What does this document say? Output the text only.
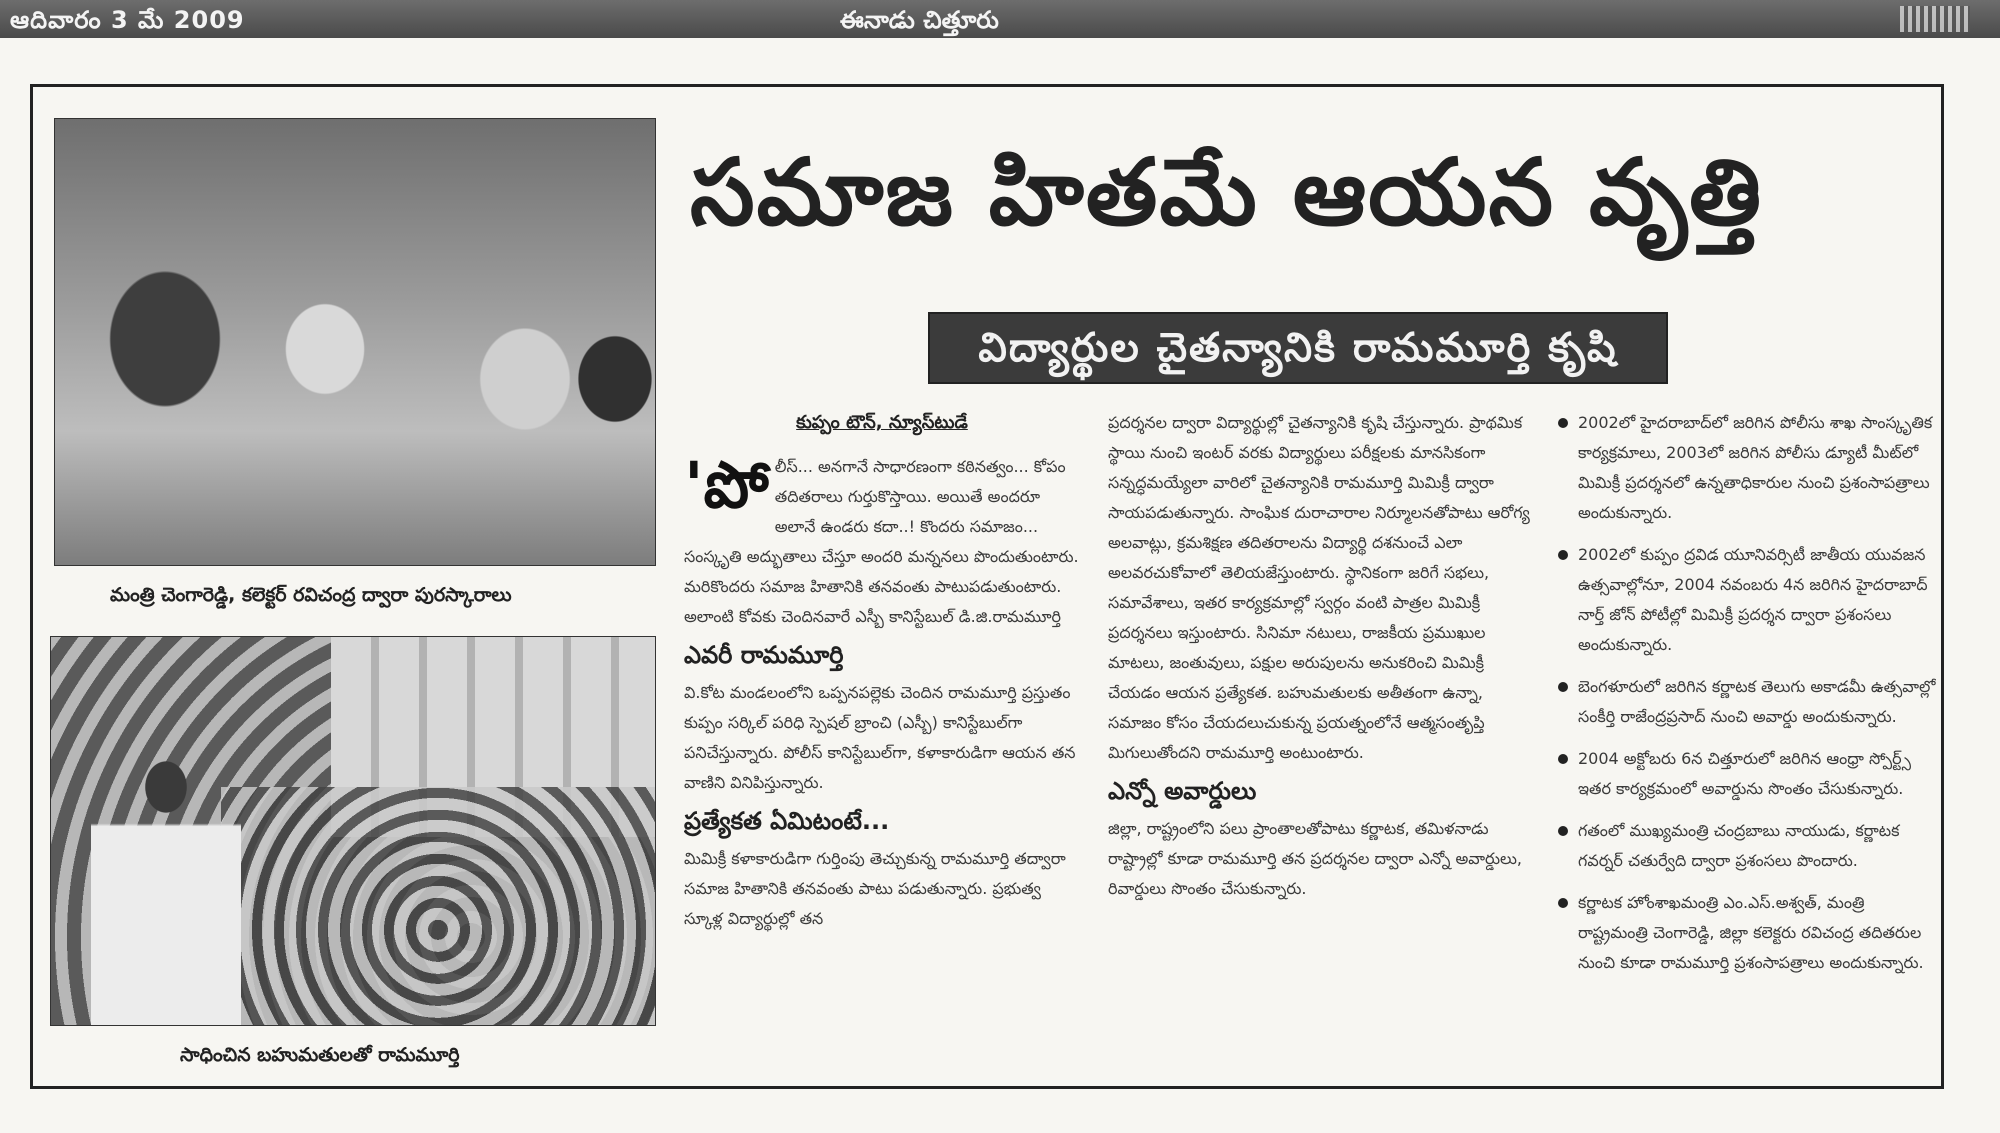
ఆదివారం 3 మే 2009	ఈనాడు చిత్తూరు
మంత్రి చెంగారెడ్డి, కలెక్టర్ రవిచంద్ర ద్వారా పురస్కారాలు
సాధించిన బహుమతులతో రామమూర్తి
సమాజ హితమే ఆయన వృత్తి
విద్యార్థుల చైతన్యానికి రామమూర్తి కృషి
కుప్పం టౌన్, న్యూస్‌టుడే

'పోలీస్... అనగానే సాధారణంగా కఠినత్వం... కోపం తదితరాలు గుర్తుకొస్తాయి. అయితే అందరూ అలానే ఉండరు కదా..! కొందరు సమాజం... సంస్కృతి అద్భుతాలు చేస్తూ అందరి మన్ననలు పొందుతుంటారు. మరికొందరు సమాజ హితానికి తనవంతు పాటుపడుతుంటారు. అలాంటి కోవకు చెందినవారే ఎస్బీ కానిస్టేబుల్ డి.జి.రామమూర్తి

ఎవరీ రామమూర్తి

వి.కోట మండలంలోని ఒప్పనపల్లెకు చెందిన రామమూర్తి ప్రస్తుతం కుప్పం సర్కిల్ పరిధి స్పెషల్ బ్రాంచి (ఎస్బీ) కానిస్టేబుల్‌గా పనిచేస్తున్నారు. పోలీస్ కానిస్టేబుల్‌గా, కళాకారుడిగా ఆయన తన వాణిని వినిపిస్తున్నారు.

ప్రత్యేకత ఏమిటంటే...

మిమిక్రీ కళాకారుడిగా గుర్తింపు తెచ్చుకున్న రామమూర్తి తద్వారా సమాజ హితానికి తనవంతు పాటు పడుతున్నారు. ప్రభుత్వ స్కూళ్ల విద్యార్థుల్లో తన

ప్రదర్శనల ద్వారా విద్యార్థుల్లో చైతన్యానికి కృషి చేస్తున్నారు. ప్రాథమిక స్థాయి నుంచి ఇంటర్ వరకు విద్యార్థులు పరీక్షలకు మానసికంగా సన్నద్ధమయ్యేలా వారిలో చైతన్యానికి రామమూర్తి మిమిక్రీ ద్వారా సాయపడుతున్నారు. సాంఘిక దురాచారాల నిర్మూలనతోపాటు ఆరోగ్య అలవాట్లు, క్రమశిక్షణ తదితరాలను విద్యార్థి దశనుంచే ఎలా అలవరచుకోవాలో తెలియజేస్తుంటారు. స్థానికంగా జరిగే సభలు, సమావేశాలు, ఇతర కార్యక్రమాల్లో స్వర్గం వంటి పాత్రల మిమిక్రీ ప్రదర్శనలు ఇస్తుంటారు. సినిమా నటులు, రాజకీయ ప్రముఖుల మాటలు, జంతువులు, పక్షుల అరుపులను అనుకరించి మిమిక్రీ చేయడం ఆయన ప్రత్యేకత. బహుమతులకు అతీతంగా ఉన్నా, సమాజం కోసం చేయదలుచుకున్న ప్రయత్నంలోనే ఆత్మసంతృప్తి మిగులుతోందని రామమూర్తి అంటుంటారు.

ఎన్నో అవార్డులు

జిల్లా, రాష్ట్రంలోని పలు ప్రాంతాలతోపాటు కర్ణాటక, తమిళనాడు రాష్ట్రాల్లో కూడా రామమూర్తి తన ప్రదర్శనల ద్వారా ఎన్నో అవార్డులు, రివార్డులు సొంతం చేసుకున్నారు.

2002లో హైదరాబాద్‌లో జరిగిన పోలీసు శాఖ సాంస్కృతిక కార్యక్రమాలు, 2003లో జరిగిన పోలీసు డ్యూటీ మీట్‌లో మిమిక్రీ ప్రదర్శనలో ఉన్నతాధికారుల నుంచి ప్రశంసాపత్రాలు అందుకున్నారు.
2002లో కుప్పం ద్రవిడ యూనివర్సిటీ జాతీయ యువజన ఉత్సవాల్లోనూ, 2004 నవంబరు 4న జరిగిన హైదరాబాద్ నార్త్ జోన్ పోటీల్లో మిమిక్రీ ప్రదర్శన ద్వారా ప్రశంసలు అందుకున్నారు.
బెంగళూరులో జరిగిన కర్ణాటక తెలుగు అకాడమీ ఉత్సవాల్లో సంకీర్తి రాజేంద్రప్రసాద్ నుంచి అవార్డు అందుకున్నారు.
2004 అక్టోబరు 6న చిత్తూరులో జరిగిన ఆంధ్రా స్పోర్ట్స్ ఇతర కార్యక్రమంలో అవార్డును సొంతం చేసుకున్నారు.
గతంలో ముఖ్యమంత్రి చంద్రబాబు నాయుడు, కర్ణాటక గవర్నర్ చతుర్వేది ద్వారా ప్రశంసలు పొందారు.
కర్ణాటక హోంశాఖమంత్రి ఎం.ఎస్.అశ్వత్, మంత్రి రాష్ట్రమంత్రి చెంగారెడ్డి, జిల్లా కలెక్టరు రవిచంద్ర తదితరుల నుంచి కూడా రామమూర్తి ప్రశంసాపత్రాలు అందుకున్నారు.
